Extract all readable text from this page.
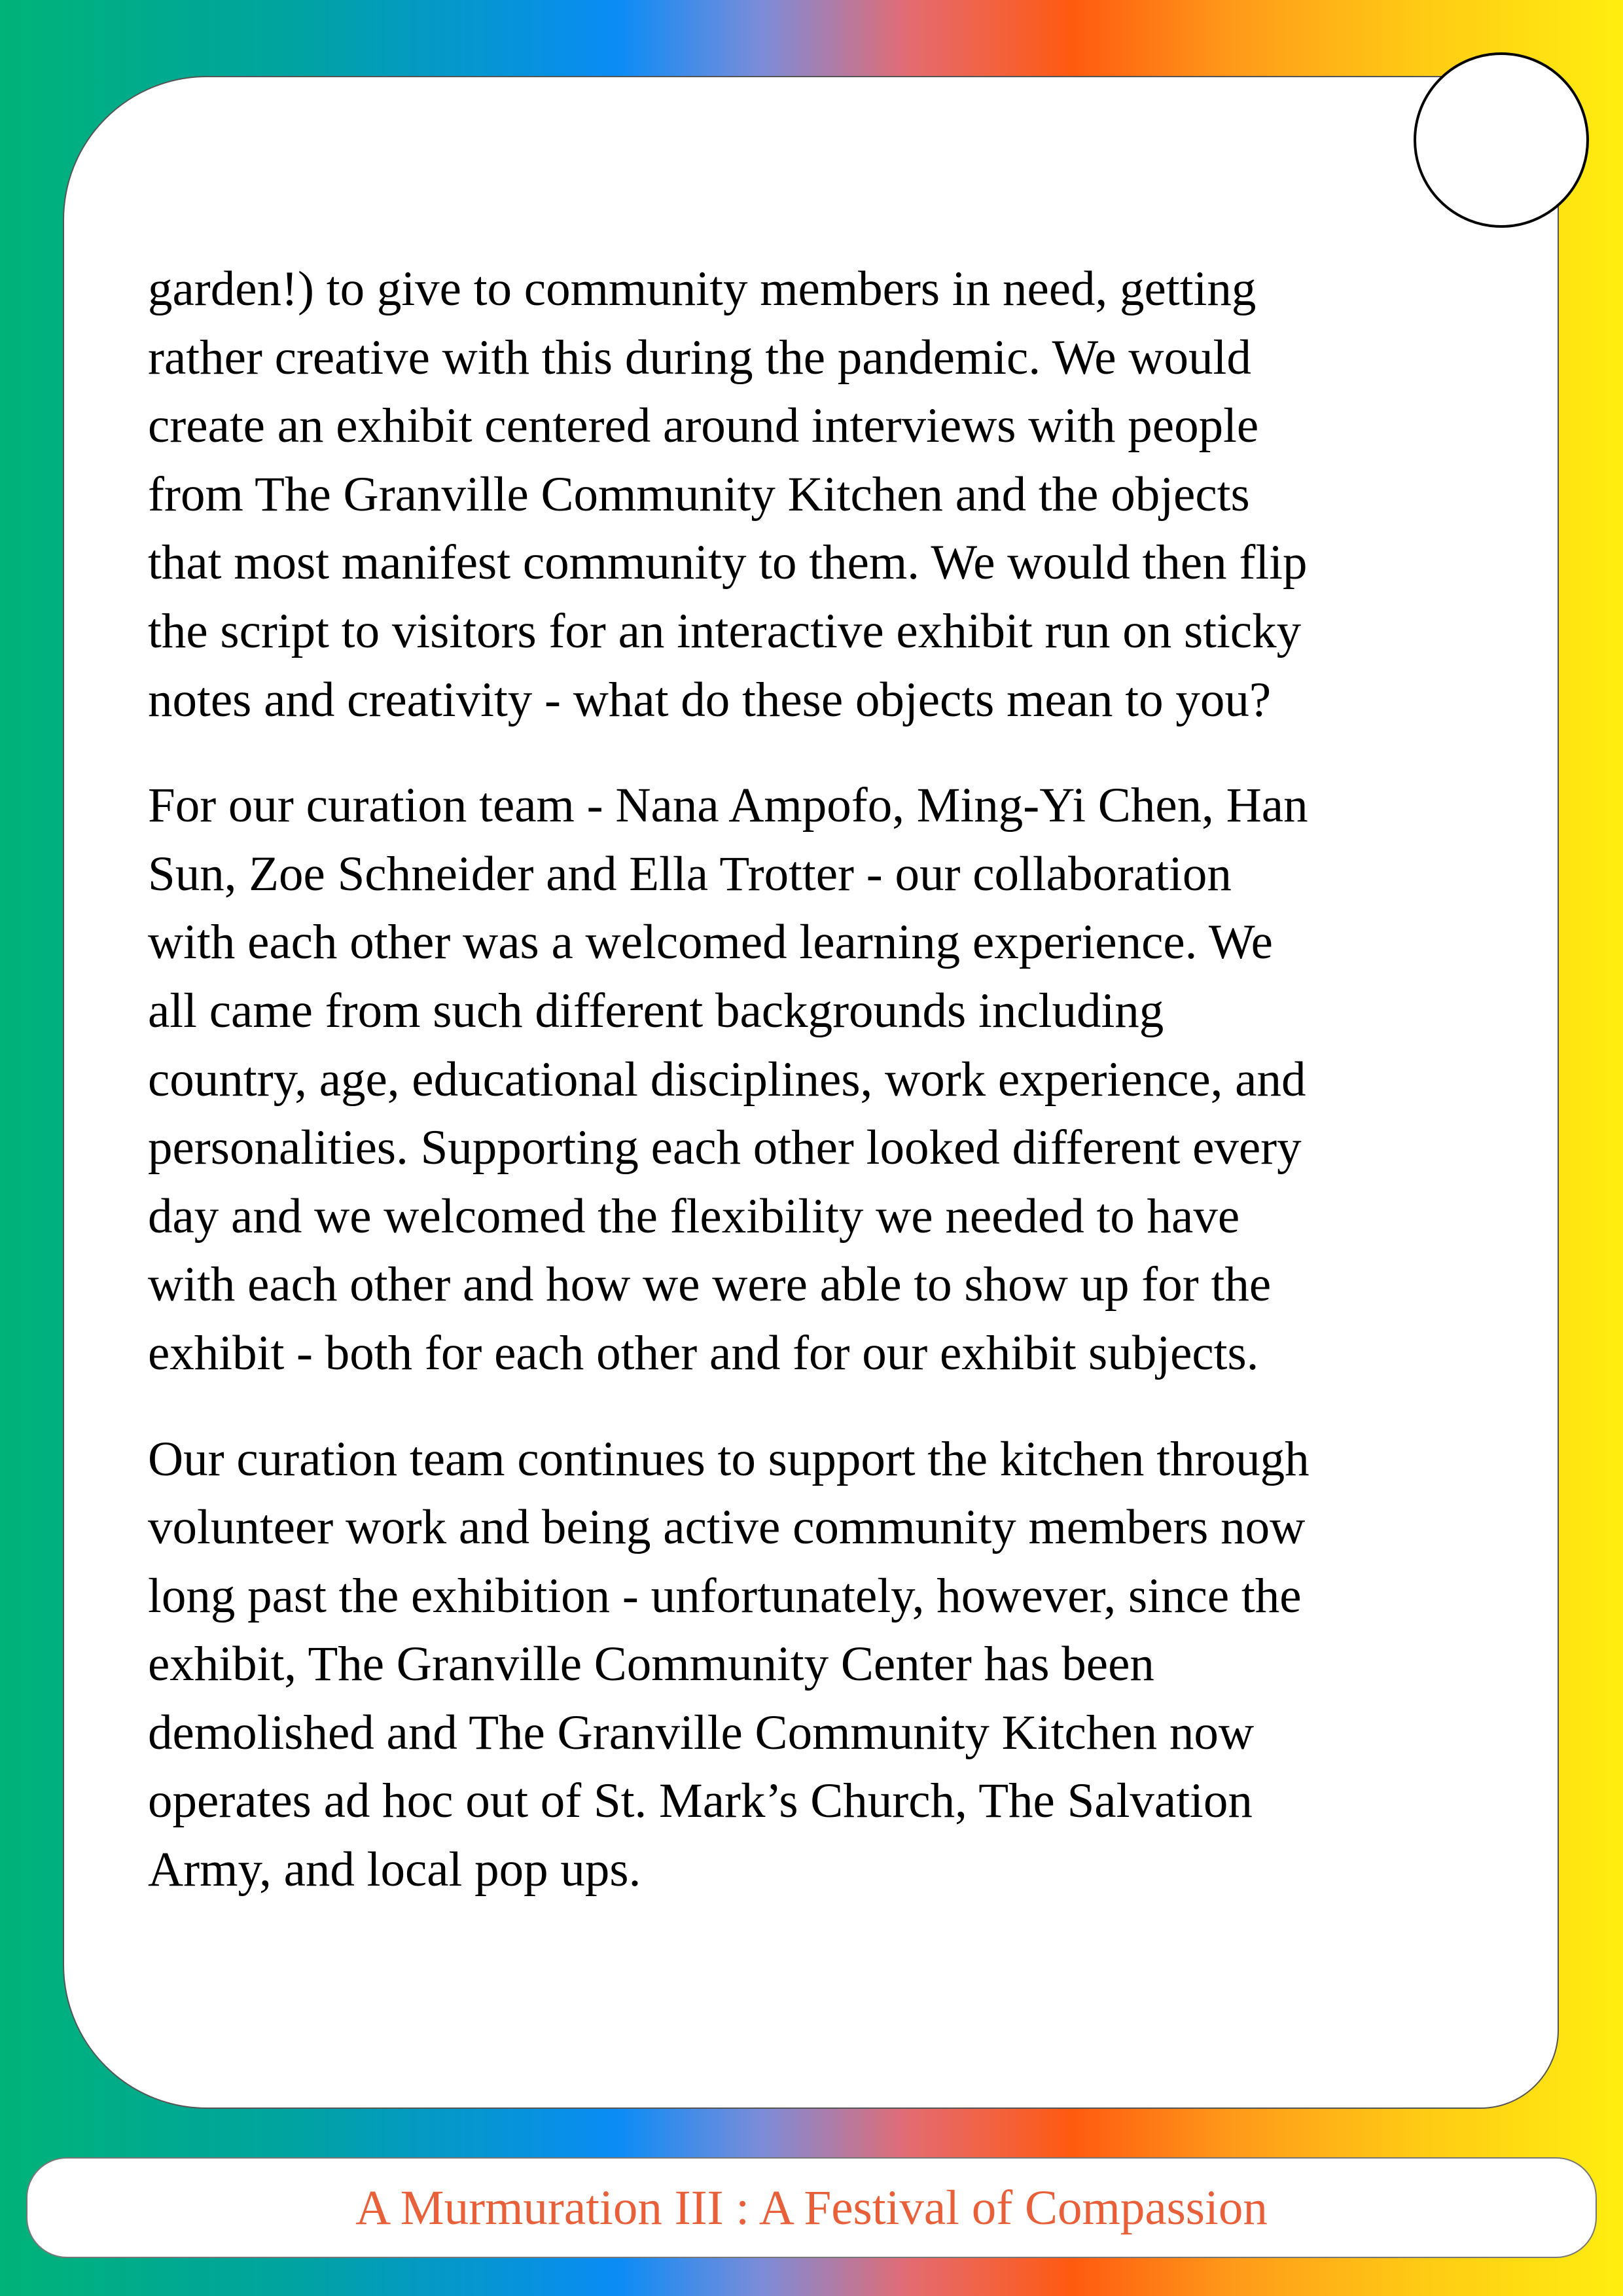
garden!) to give to community members in need, getting
rather creative with this during the pandemic. We would
create an exhibit centered around interviews with people
from The Granville Community Kitchen and the objects
that most manifest community to them. We would then flip
the script to visitors for an interactive exhibit run on sticky
notes and creativity - what do these objects mean to you?

For our curation team - Nana Ampofo, Ming-Yi Chen, Han
Sun, Zoe Schneider and Ella Trotter - our collaboration
with each other was a welcomed learning experience. We
all came from such different backgrounds including
country, age, educational disciplines, work experience, and
personalities. Supporting each other looked different every
day and we welcomed the flexibility we needed to have
with each other and how we were able to show up for the
exhibit - both for each other and for our exhibit subjects.

Our curation team continues to support the kitchen through
volunteer work and being active community members now
long past the exhibition - unfortunately, however, since the
exhibit, The Granville Community Center has been
demolished and The Granville Community Kitchen now
operates ad hoc out of St. Mark’s Church, The Salvation
Army, and local pop ups.

A Murmuration III : A Festival of Compassion
